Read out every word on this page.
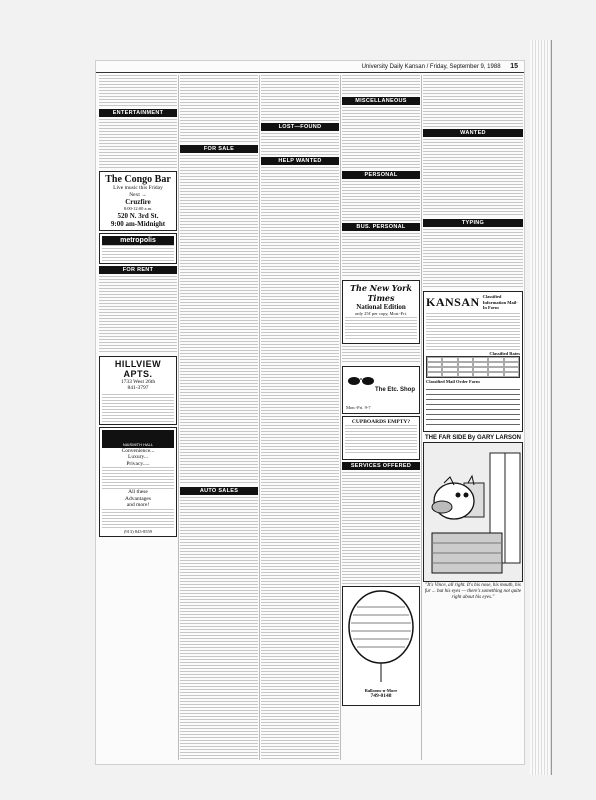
University Daily Kansan / Friday, September 9, 1988 15
ENTERTAINMENT
The Congo Bar
Live music this Friday
Next →
Cruzfire
8:00-12:00 a.m.
520 N. 3rd St.
9:00 am-Midnight
metropolis
FOR RENT
HILLVIEW
APTS.
1733 West 26th
841-3797
NAISMITH HALL
Convenience...
Luxury...
Privacy.....
All these
Advantages
and more!
(913) 843-8559
FOR SALE
AUTO SALES
LOST—FOUND
HELP WANTED
MISCELLANEOUS
PERSONAL
BUS. PERSONAL
The New York Times
National Edition
only 25¢ per copy, Mon.-Fri.
The Etc. Shop
Mon.-Fri. 9-7
CUPBOARDS EMPTY?
SERVICES OFFERED
Balloons-n-More
749-0148
WANTED
TYPING
KANSAN Classified Information Mail-In Form
Classified Rates
Classified Mail Order Form
THE FAR SIDE By GARY LARSON
"It's Vince, all right. It's his nose, his mouth, his fur ... but his eyes — there's something not quite right about his eyes."
